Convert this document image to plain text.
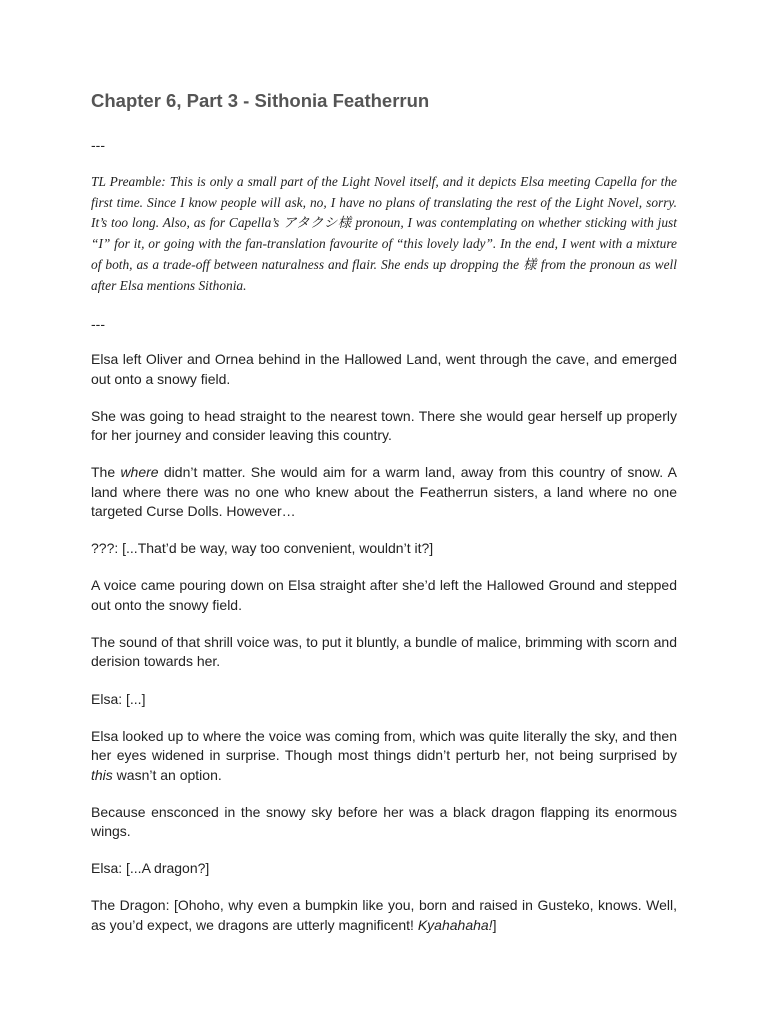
Chapter 6, Part 3 - Sithonia Featherrun

---

TL Preamble: This is only a small part of the Light Novel itself, and it depicts Elsa meeting Capella for the first time. Since I know people will ask, no, I have no plans of translating the rest of the Light Novel, sorry. It’s too long. Also, as for Capella’s アタクシ様 pronoun, I was contemplating on whether sticking with just “I” for it, or going with the fan-translation favourite of “this lovely lady”. In the end, I went with a mixture of both, as a trade-off between naturalness and flair. She ends up dropping the 様 from the pronoun as well after Elsa mentions Sithonia.

---

Elsa left Oliver and Ornea behind in the Hallowed Land, went through the cave, and emerged out onto a snowy field.

She was going to head straight to the nearest town. There she would gear herself up properly for her journey and consider leaving this country.

The where didn’t matter. She would aim for a warm land, away from this country of snow. A land where there was no one who knew about the Featherrun sisters, a land where no one targeted Curse Dolls. However…

???: [...That’d be way, way too convenient, wouldn’t it?]

A voice came pouring down on Elsa straight after she’d left the Hallowed Ground and stepped out onto the snowy field.

The sound of that shrill voice was, to put it bluntly, a bundle of malice, brimming with scorn and derision towards her.

Elsa: [...]

Elsa looked up to where the voice was coming from, which was quite literally the sky, and then her eyes widened in surprise. Though most things didn’t perturb her, not being surprised by this wasn’t an option.

Because ensconced in the snowy sky before her was a black dragon flapping its enormous wings.

Elsa: [...A dragon?]

The Dragon: [Ohoho, why even a bumpkin like you, born and raised in Gusteko, knows. Well, as you’d expect, we dragons are utterly magnificent! Kyahahaha!]
